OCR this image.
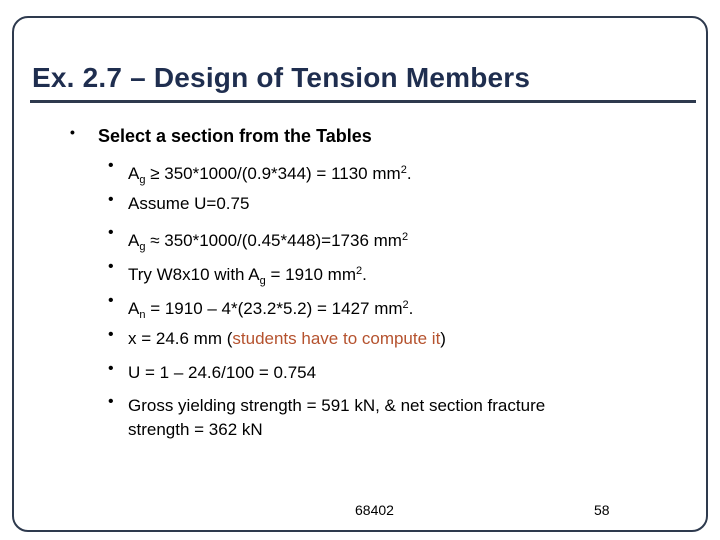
Ex. 2.7 – Design of Tension Members
• Select a section from the Tables
• $A_g \ge 350*1000/(0.9*344) = 1130$ $mm^2$.
• Assume U=0.75
• $A_g \approx 350*1000/(0.45*448)=1736$ $mm^2$
• Try W8x10 with $A_g = 1910$ $mm^2$.
• $A_n = 1910 - 4*(23.2*5.2) = 1427$ $mm^2$.
• x = 24.6 mm (students have to compute it)
• U = 1 – 24.6/100 = 0.754
• Gross yielding strength = 591 kN, & net section fracture
strength = 362 kN
68402	58
